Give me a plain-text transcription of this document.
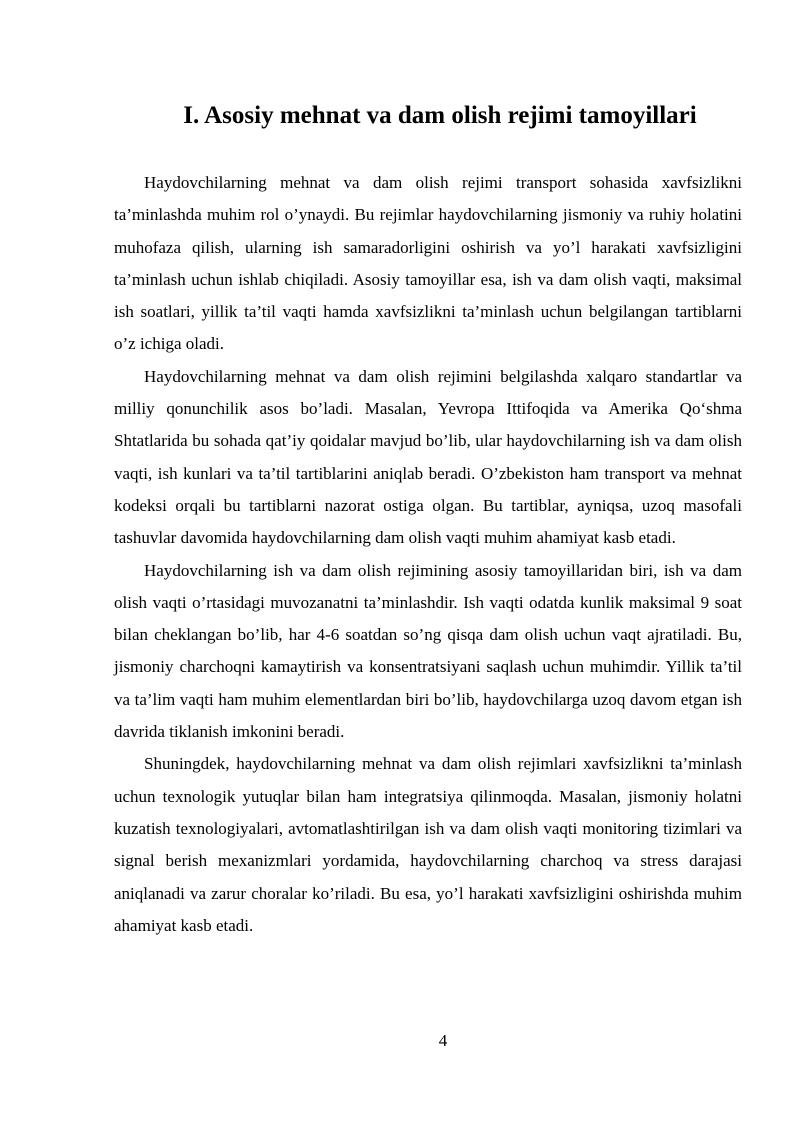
I. Asosiy mehnat va dam olish rejimi tamoyillari

Haydovchilarning mehnat va dam olish rejimi transport sohasida xavfsizlikni ta’minlashda muhim rol o’ynaydi. Bu rejimlar haydovchilarning jismoniy va ruhiy holatini muhofaza qilish, ularning ish samaradorligini oshirish va yo’l harakati xavfsizligini ta’minlash uchun ishlab chiqiladi. Asosiy tamoyillar esa, ish va dam olish vaqti, maksimal ish soatlari, yillik ta’til vaqti hamda xavfsizlikni ta’minlash uchun belgilangan tartiblarni o’z ichiga oladi.

Haydovchilarning mehnat va dam olish rejimini belgilashda xalqaro standartlar va milliy qonunchilik asos bo’ladi. Masalan, Yevropa Ittifoqida va Amerika Qo‘shma Shtatlarida bu sohada qat’iy qoidalar mavjud bo’lib, ular haydovchilarning ish va dam olish vaqti, ish kunlari va ta’til tartiblarini aniqlab beradi. O’zbekiston ham transport va mehnat kodeksi orqali bu tartiblarni nazorat ostiga olgan. Bu tartiblar, ayniqsa, uzoq masofali tashuvlar davomida haydovchilarning dam olish vaqti muhim ahamiyat kasb etadi.

Haydovchilarning ish va dam olish rejimining asosiy tamoyillaridan biri, ish va dam olish vaqti o’rtasidagi muvozanatni ta’minlashdir. Ish vaqti odatda kunlik maksimal 9 soat bilan cheklangan bo’lib, har 4-6 soatdan so’ng qisqa dam olish uchun vaqt ajratiladi. Bu, jismoniy charchoqni kamaytirish va konsentratsiyani saqlash uchun muhimdir. Yillik ta’til va ta’lim vaqti ham muhim elementlardan biri bo’lib, haydovchilarga uzoq davom etgan ish davrida tiklanish imkonini beradi.

Shuningdek, haydovchilarning mehnat va dam olish rejimlari xavfsizlikni ta’minlash uchun texnologik yutuqlar bilan ham integratsiya qilinmoqda. Masalan, jismoniy holatni kuzatish texnologiyalari, avtomatlashtirilgan ish va dam olish vaqti monitoring tizimlari va signal berish mexanizmlari yordamida, haydovchilarning charchoq va stress darajasi aniqlanadi va zarur choralar ko’riladi. Bu esa, yo’l harakati xavfsizligini oshirishda muhim ahamiyat kasb etadi.

4
